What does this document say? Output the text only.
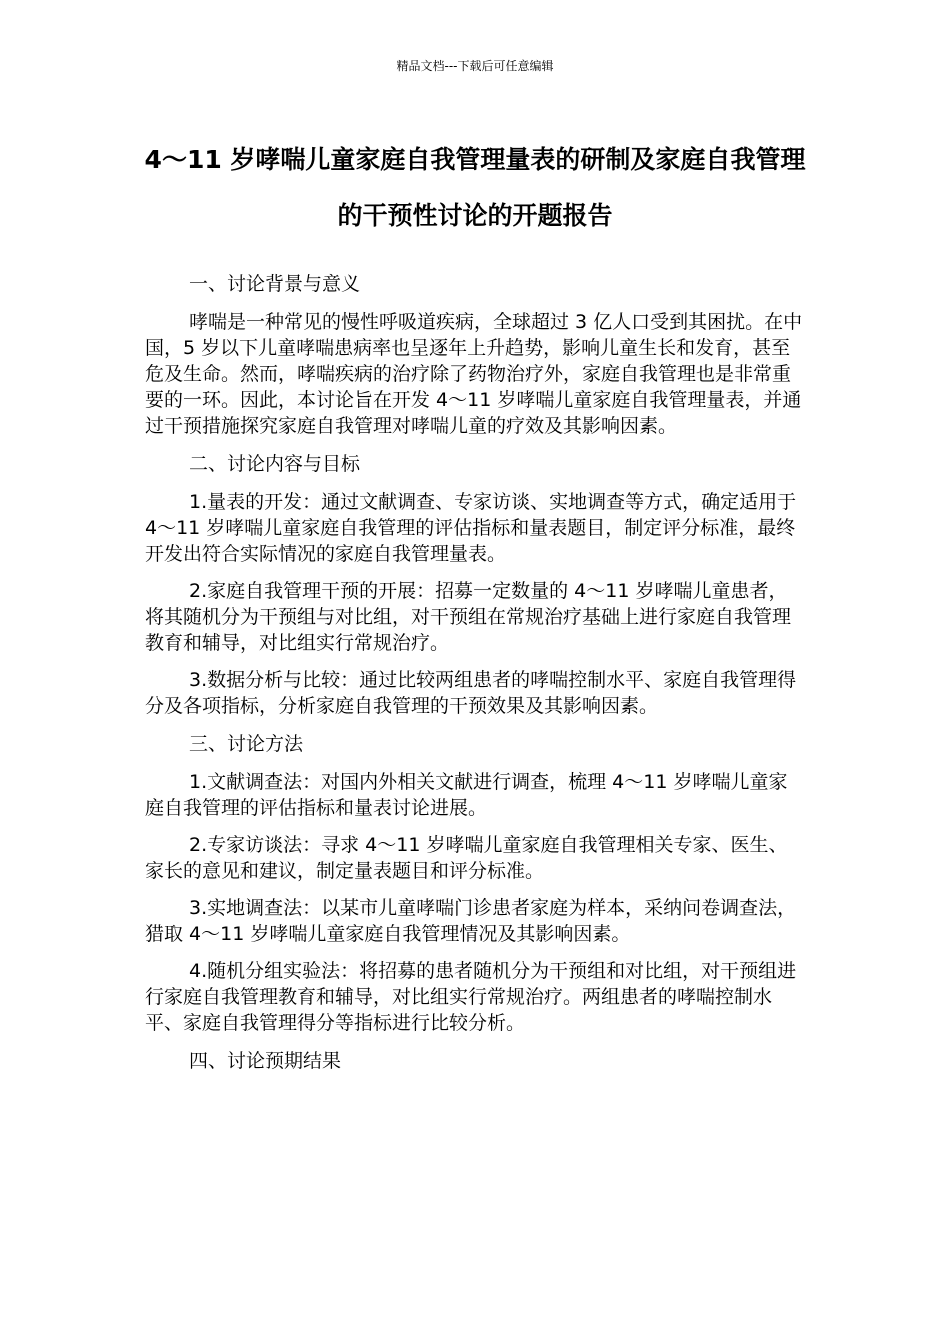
精品文档---下载后可任意编辑
4～11 岁哮喘儿童家庭自我管理量表的研制及家庭自我管理的干预性讨论的开题报告

一、讨论背景与意义

哮喘是一种常见的慢性呼吸道疾病，全球超过 3 亿人口受到其困扰。在中国，5 岁以下儿童哮喘患病率也呈逐年上升趋势，影响儿童生长和发育，甚至危及生命。然而，哮喘疾病的治疗除了药物治疗外，家庭自我管理也是非常重要的一环。因此，本讨论旨在开发 4～11 岁哮喘儿童家庭自我管理量表，并通过干预措施探究家庭自我管理对哮喘儿童的疗效及其影响因素。

二、讨论内容与目标

1.量表的开发：通过文献调查、专家访谈、实地调查等方式，确定适用于 4～11 岁哮喘儿童家庭自我管理的评估指标和量表题目，制定评分标准，最终开发出符合实际情况的家庭自我管理量表。

2.家庭自我管理干预的开展：招募一定数量的 4～11 岁哮喘儿童患者，将其随机分为干预组与对比组，对干预组在常规治疗基础上进行家庭自我管理教育和辅导，对比组实行常规治疗。

3.数据分析与比较：通过比较两组患者的哮喘控制水平、家庭自我管理得分及各项指标，分析家庭自我管理的干预效果及其影响因素。

三、讨论方法

1.文献调查法：对国内外相关文献进行调查，梳理 4～11 岁哮喘儿童家庭自我管理的评估指标和量表讨论进展。

2.专家访谈法：寻求 4～11 岁哮喘儿童家庭自我管理相关专家、医生、家长的意见和建议，制定量表题目和评分标准。

3.实地调查法：以某市儿童哮喘门诊患者家庭为样本，采纳问卷调查法，猎取 4～11 岁哮喘儿童家庭自我管理情况及其影响因素。

4.随机分组实验法：将招募的患者随机分为干预组和对比组，对干预组进行家庭自我管理教育和辅导，对比组实行常规治疗。两组患者的哮喘控制水平、家庭自我管理得分等指标进行比较分析。

四、讨论预期结果
